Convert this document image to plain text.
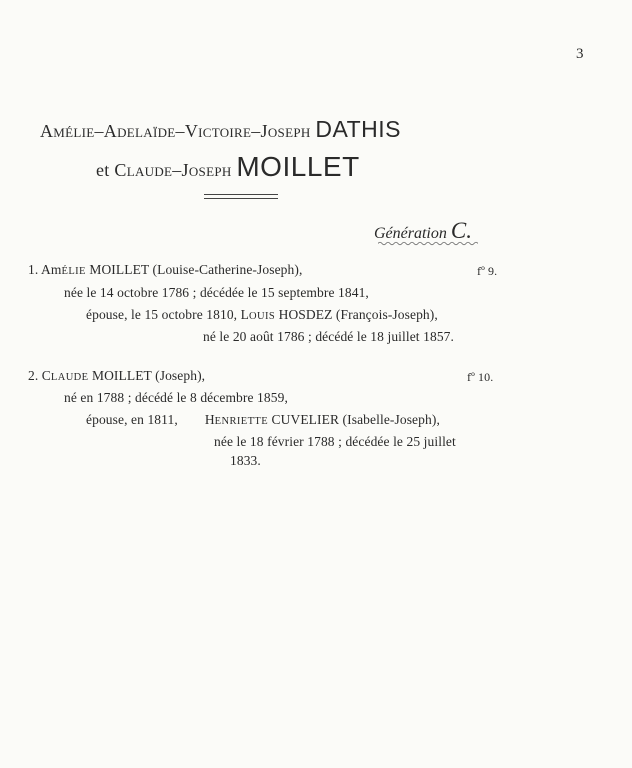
3
Amélie–Adelaïde–Victoire–Joseph DATHIS
et Claude–Joseph MOILLET
Génération C.
1. AmÉLIE MOILLET (Louise-Catherine-Joseph),	fº 9.
née le 14 octobre 1786 ; décédée le 15 septembre 1841,
épouse, le 15 octobre 1810, LOUIS HOSDEZ (François-Joseph),
né le 20 août 1786 ; décédé le 18 juillet 1857.
2. CLAUDE MOILLET (Joseph),	fº 10.
né en 1788 ; décédé le 8 décembre 1859,
épouse, en 1811, HENRIETTE CUVELIER (Isabelle-Joseph),
née le 18 février 1788 ; décédée le 25 juillet
1833.
